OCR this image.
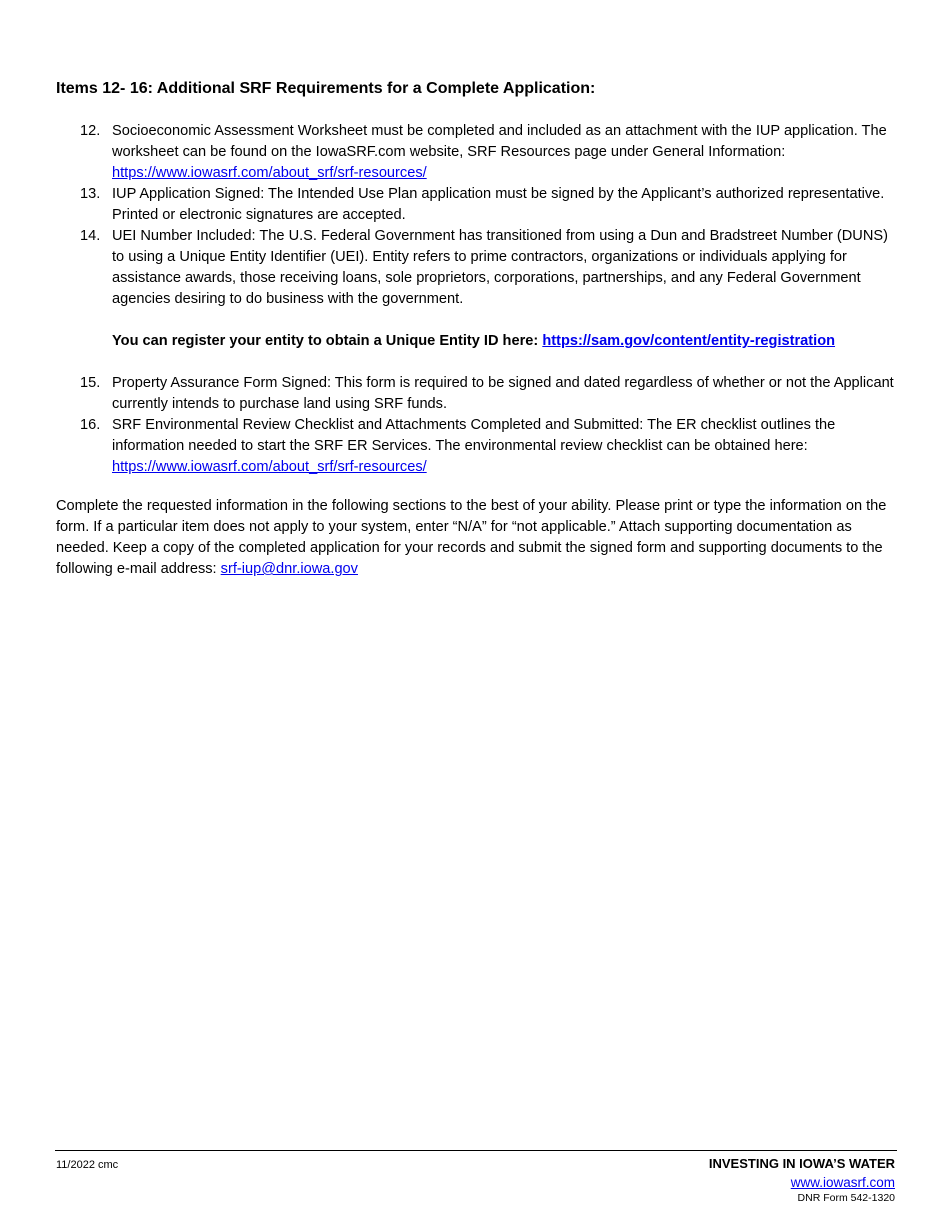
Items 12- 16: Additional SRF Requirements for a Complete Application:
12. Socioeconomic Assessment Worksheet must be completed and included as an attachment with the IUP application. The worksheet can be found on the IowaSRF.com website, SRF Resources page under General Information: https://www.iowasrf.com/about_srf/srf-resources/
13. IUP Application Signed: The Intended Use Plan application must be signed by the Applicant’s authorized representative. Printed or electronic signatures are accepted.
14. UEI Number Included: The U.S. Federal Government has transitioned from using a Dun and Bradstreet Number (DUNS) to using a Unique Entity Identifier (UEI). Entity refers to prime contractors, organizations or individuals applying for assistance awards, those receiving loans, sole proprietors, corporations, partnerships, and any Federal Government agencies desiring to do business with the government.
You can register your entity to obtain a Unique Entity ID here: https://sam.gov/content/entity-registration
15. Property Assurance Form Signed: This form is required to be signed and dated regardless of whether or not the Applicant currently intends to purchase land using SRF funds.
16. SRF Environmental Review Checklist and Attachments Completed and Submitted: The ER checklist outlines the information needed to start the SRF ER Services. The environmental review checklist can be obtained here:
https://www.iowasrf.com/about_srf/srf-resources/
Complete the requested information in the following sections to the best of your ability. Please print or type the information on the form. If a particular item does not apply to your system, enter “N/A” for “not applicable.” Attach supporting documentation as needed. Keep a copy of the completed application for your records and submit the signed form and supporting documents to the following e-mail address: srf-iup@dnr.iowa.gov
11/2022 cmc	INVESTING IN IOWA’S WATER
www.iowasrf.com
DNR Form 542-1320
